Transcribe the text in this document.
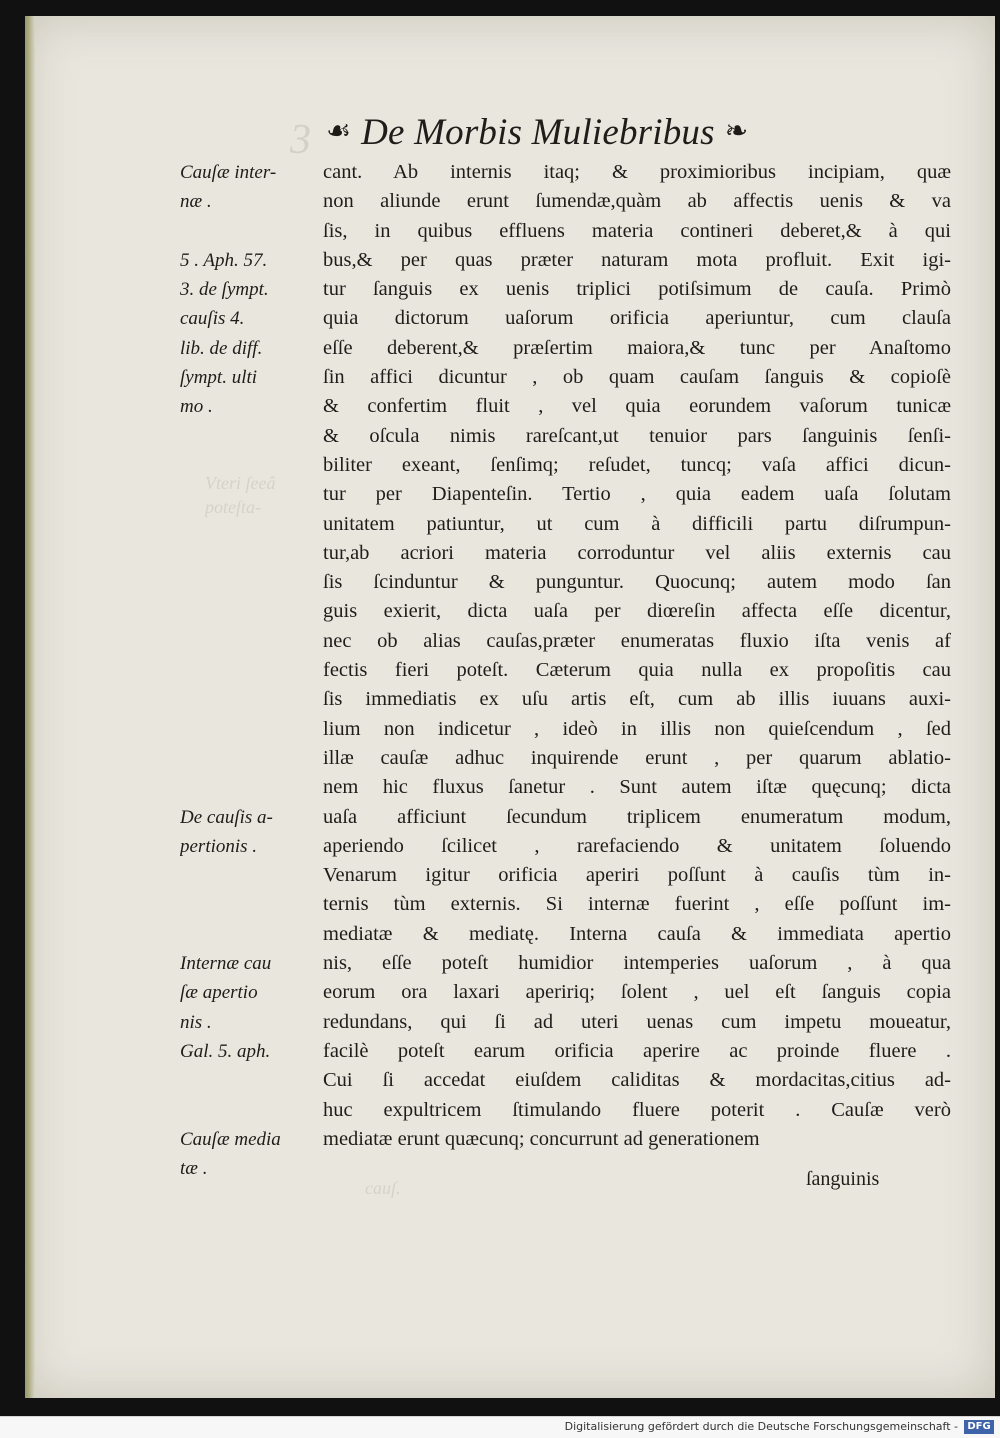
3
Vteri ſeeâ
poteſta-
cauſ.
☙ De Morbis Muliebribus ❧
Cauſæ inter-
næ .
5 . Aph. 57.
3. de ſympt.
cauſis 4.
lib. de diff.
ſympt. ulti
mo .
De cauſis a-
pertionis .
Internæ cau
ſæ apertio
nis .
Gal. 5. aph.
Cauſæ media
tæ .
cant. Ab internis itaq; & proximioribus incipiam, quæ
non aliunde erunt ſumendæ,quàm ab affectis uenis & va
ſis, in quibus effluens materia contineri deberet,& à qui
bus,& per quas præter naturam mota profluit. Exit igi-
tur ſanguis ex uenis triplici potiſsimum de cauſa. Primò
quia dictorum uaſorum orificia aperiuntur, cum clauſa
eſſe deberent,& præſertim maiora,& tunc per Anaſtomo
ſin affici dicuntur , ob quam cauſam ſanguis & copioſè
& confertim fluit , vel quia eorundem vaſorum tunicæ
& oſcula nimis rareſcant,ut tenuior pars ſanguinis ſenſi-
biliter exeant, ſenſimq; reſudet, tuncq; vaſa affici dicun-
tur per Diapenteſin. Tertio , quia eadem uaſa ſolutam
unitatem patiuntur, ut cum à difficili partu diſrumpun-
tur,ab acriori materia corroduntur vel aliis externis cau
ſis ſcinduntur & punguntur. Quocunq; autem modo ſan
guis exierit, dicta uaſa per diœreſin affecta eſſe dicentur,
nec ob alias cauſas,præter enumeratas fluxio iſta venis af
fectis fieri poteſt. Cæterum quia nulla ex propoſitis cau
ſis immediatis ex uſu artis eſt, cum ab illis iuuans auxi-
lium non indicetur , ideò in illis non quieſcendum , ſed
illæ cauſæ adhuc inquirende erunt , per quarum ablatio-
nem hic fluxus ſanetur . Sunt autem iſtæ quęcunq; dicta
uaſa afficiunt ſecundum triplicem enumeratum modum,
aperiendo ſcilicet , rarefaciendo & unitatem ſoluendo
Venarum igitur orificia aperiri poſſunt à cauſis tùm in-
ternis tùm externis. Si internæ fuerint , eſſe poſſunt im-
mediatæ & mediatę. Interna cauſa & immediata apertio
nis, eſſe poteſt humidior intemperies uaſorum , à qua
eorum ora laxari apeririq; ſolent , uel eſt ſanguis copia
redundans, qui ſi ad uteri uenas cum impetu moueatur,
facilè poteſt earum orificia aperire ac proinde fluere .
Cui ſi accedat eiuſdem caliditas & mordacitas,citius ad-
huc expultricem ſtimulando fluere poterit . Cauſæ verò
mediatæ erunt quæcunq; concurrunt ad generationem
ſanguinis
Digitalisierung gefördert durch die Deutsche Forschungsgemeinschaft - DFG
